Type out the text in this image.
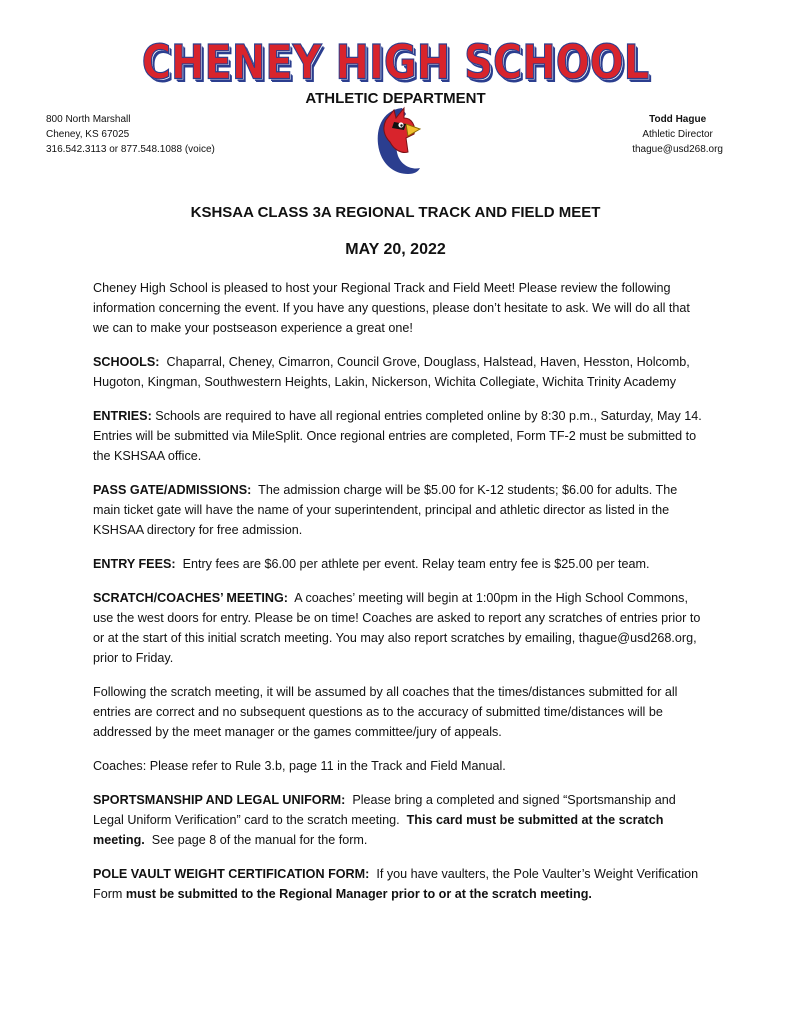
CHENEY HIGH SCHOOL
ATHLETIC DEPARTMENT
800 North Marshall
Cheney, KS 67025
316.542.3113 or 877.548.1088 (voice)
Todd Hague
Athletic Director
thague@usd268.org
KSHSAA CLASS 3A REGIONAL TRACK AND FIELD MEET
MAY 20, 2022

Cheney High School is pleased to host your Regional Track and Field Meet! Please review the following information concerning the event. If you have any questions, please don’t hesitate to ask. We will do all that we can to make your postseason experience a great one!

SCHOOLS: Chaparral, Cheney, Cimarron, Council Grove, Douglass, Halstead, Haven, Hesston, Holcomb, Hugoton, Kingman, Southwestern Heights, Lakin, Nickerson, Wichita Collegiate, Wichita Trinity Academy

ENTRIES: Schools are required to have all regional entries completed online by 8:30 p.m., Saturday, May 14. Entries will be submitted via MileSplit. Once regional entries are completed, Form TF-2 must be submitted to the KSHSAA office.

PASS GATE/ADMISSIONS: The admission charge will be $5.00 for K-12 students; $6.00 for adults. The main ticket gate will have the name of your superintendent, principal and athletic director as listed in the KSHSAA directory for free admission.

ENTRY FEES: Entry fees are $6.00 per athlete per event. Relay team entry fee is $25.00 per team.

SCRATCH/COACHES’ MEETING: A coaches’ meeting will begin at 1:00pm in the High School Commons, use the west doors for entry. Please be on time! Coaches are asked to report any scratches of entries prior to or at the start of this initial scratch meeting. You may also report scratches by emailing, thague@usd268.org, prior to Friday.

Following the scratch meeting, it will be assumed by all coaches that the times/distances submitted for all entries are correct and no subsequent questions as to the accuracy of submitted time/distances will be addressed by the meet manager or the games committee/jury of appeals.

Coaches: Please refer to Rule 3.b, page 11 in the Track and Field Manual.

SPORTSMANSHIP AND LEGAL UNIFORM: Please bring a completed and signed “Sportsmanship and Legal Uniform Verification” card to the scratch meeting. This card must be submitted at the scratch meeting. See page 8 of the manual for the form.

POLE VAULT WEIGHT CERTIFICATION FORM: If you have vaulters, the Pole Vaulter’s Weight Verification Form must be submitted to the Regional Manager prior to or at the scratch meeting.
